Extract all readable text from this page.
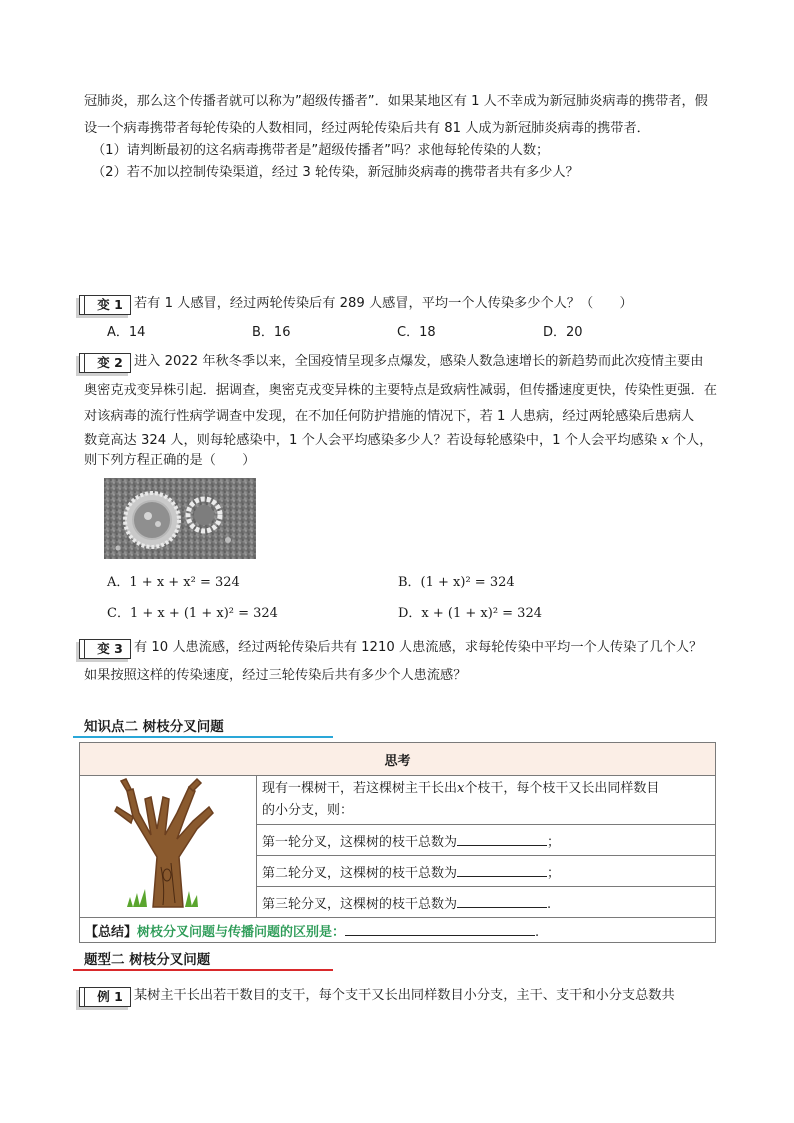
冠肺炎，那么这个传播者就可以称为”超级传播者”．如果某地区有 1 人不幸成为新冠肺炎病毒的携带者，假
设一个病毒携带者每轮传染的人数相同，经过两轮传染后共有 81 人成为新冠肺炎病毒的携带者．
（1）请判断最初的这名病毒携带者是”超级传播者”吗？求他每轮传染的人数；
（2）若不加以控制传染渠道，经过 3 轮传染，新冠肺炎病毒的携带者共有多少人？
变 1 若有 1 人感冒，经过两轮传染后有 289 人感冒，平均一个人传染多少个人？（　　）
A．14	B．16	C．18	D．20
变 2 进入 2022 年秋冬季以来，全国疫情呈现多点爆发，感染人数急速增长的新趋势而此次疫情主要由
奥密克戎变异株引起．据调查，奥密克戎变异株的主要特点是致病性减弱，但传播速度更快，传染性更强．在
对该病毒的流行性病学调查中发现，在不加任何防护措施的情况下，若 1 人患病，经过两轮感染后患病人
数竟高达 324 人，则每轮感染中，1 个人会平均感染多少人？若设每轮感染中，1 个人会平均感染 x 个人，
则下列方程正确的是（　　）
A．1 + x + x² = 324	B．(1 + x)² = 324
C．1 + x + (1 + x)² = 324	D．x + (1 + x)² = 324
变 3 有 10 人患流感，经过两轮传染后共有 1210 人患流感，求每轮传染中平均一个人传染了几个人？
如果按照这样的传染速度，经过三轮传染后共有多少个人患流感？
知识点二 树枝分叉问题
思考
	现有一棵树干，若这棵树主干长出x个枝干，每个枝干又长出同样数目
的小分支，则：
第一轮分叉，这棵树的枝干总数为	；
第二轮分叉，这棵树的枝干总数为	；
第三轮分叉，这棵树的枝干总数为	.
【总结】树枝分叉问题与传播问题的区别是：	.
题型二 树枝分叉问题
例 1 某树主干长出若干数目的支干，每个支干又长出同样数目小分支，主干、支干和小分支总数共
